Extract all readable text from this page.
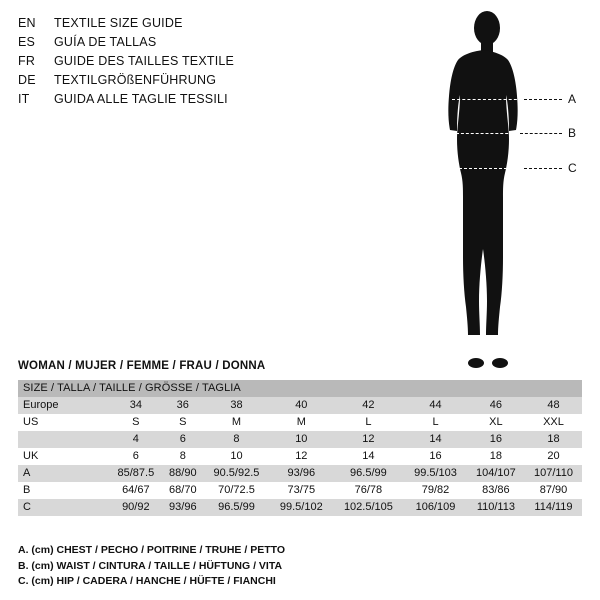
EN	TEXTILE SIZE GUIDE
ES	GUÍA DE TALLAS
FR	GUIDE DES TAILLES TEXTILE
DE	TEXTILGRÖßENFÜHRUNG
IT	GUIDA ALLE TAGLIE TESSILI	A
B
C
WOMAN / MUJER / FEMME / FRAU / DONNA
SIZE / TALLA / TAILLE / GRÖSSE / TAGLIA								
Europe	34	36	38	40	42	44	46	48
US	S	S	M	M	L	L	XL	XXL
	4	6	8	10	12	14	16	18
UK	6	8	10	12	14	16	18	20
A	85/87.5	88/90	90.5/92.5	93/96	96.5/99	99.5/103	104/107	107/110
B	64/67	68/70	70/72.5	73/75	76/78	79/82	83/86	87/90
C	90/92	93/96	96.5/99	99.5/102	102.5/105	106/109	110/113	114/119
A. (cm) CHEST / PECHO / POITRINE / TRUHE / PETTO
B. (cm) WAIST / CINTURA / TAILLE / HÜFTUNG / VITA
C. (cm) HIP / CADERA / HANCHE / HÜFTE / FIANCHI
